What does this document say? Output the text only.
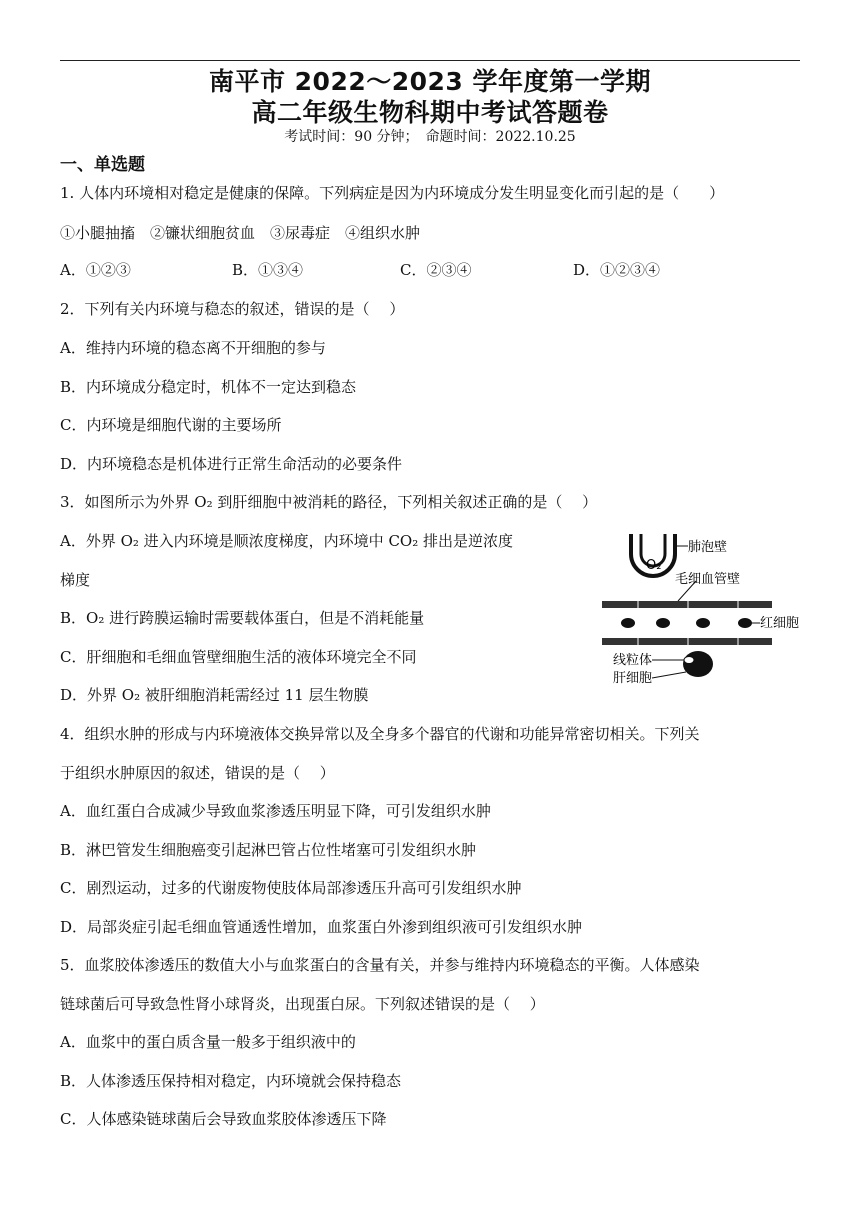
南平市 2022～2023 学年度第一学期
高二年级生物科期中考试答题卷
考试时间：90 分钟；　命题时间：2022.10.25
一、单选题
1. 人体内环境相对稳定是健康的保障。下列病症是因为内环境成分发生明显变化而引起的是（　　）
①小腿抽搐　②镰状细胞贫血　③尿毒症　④组织水肿
A．①②③	B．①③④	C．②③④	D．①②③④
2．下列有关内环境与稳态的叙述，错误的是（　 ）
A．维持内环境的稳态离不开细胞的参与
B．内环境成分稳定时，机体不一定达到稳态
C．内环境是细胞代谢的主要场所
D．内环境稳态是机体进行正常生命活动的必要条件
3．如图所示为外界 O₂ 到肝细胞中被消耗的路径，下列相关叙述正确的是（　 ）
A．外界 O₂ 进入内环境是顺浓度梯度，内环境中 CO₂ 排出是逆浓度
梯度
B．O₂ 进行跨膜运输时需要载体蛋白，但是不消耗能量
C．肝细胞和毛细血管壁细胞生活的液体环境完全不同
D．外界 O₂ 被肝细胞消耗需经过 11 层生物膜
O₂
肺泡壁
毛细血管壁
红细胞
线粒体
肝细胞
4．组织水肿的形成与内环境液体交换异常以及全身多个器官的代谢和功能异常密切相关。下列关
于组织水肿原因的叙述，错误的是（　 ）
A．血红蛋白合成减少导致血浆渗透压明显下降，可引发组织水肿
B．淋巴管发生细胞癌变引起淋巴管占位性堵塞可引发组织水肿
C．剧烈运动，过多的代谢废物使肢体局部渗透压升高可引发组织水肿
D．局部炎症引起毛细血管通透性增加，血浆蛋白外渗到组织液可引发组织水肿
5．血浆胶体渗透压的数值大小与血浆蛋白的含量有关，并参与维持内环境稳态的平衡。人体感染
链球菌后可导致急性肾小球肾炎，出现蛋白尿。下列叙述错误的是（　 ）
A．血浆中的蛋白质含量一般多于组织液中的
B．人体渗透压保持相对稳定，内环境就会保持稳态
C．人体感染链球菌后会导致血浆胶体渗透压下降
